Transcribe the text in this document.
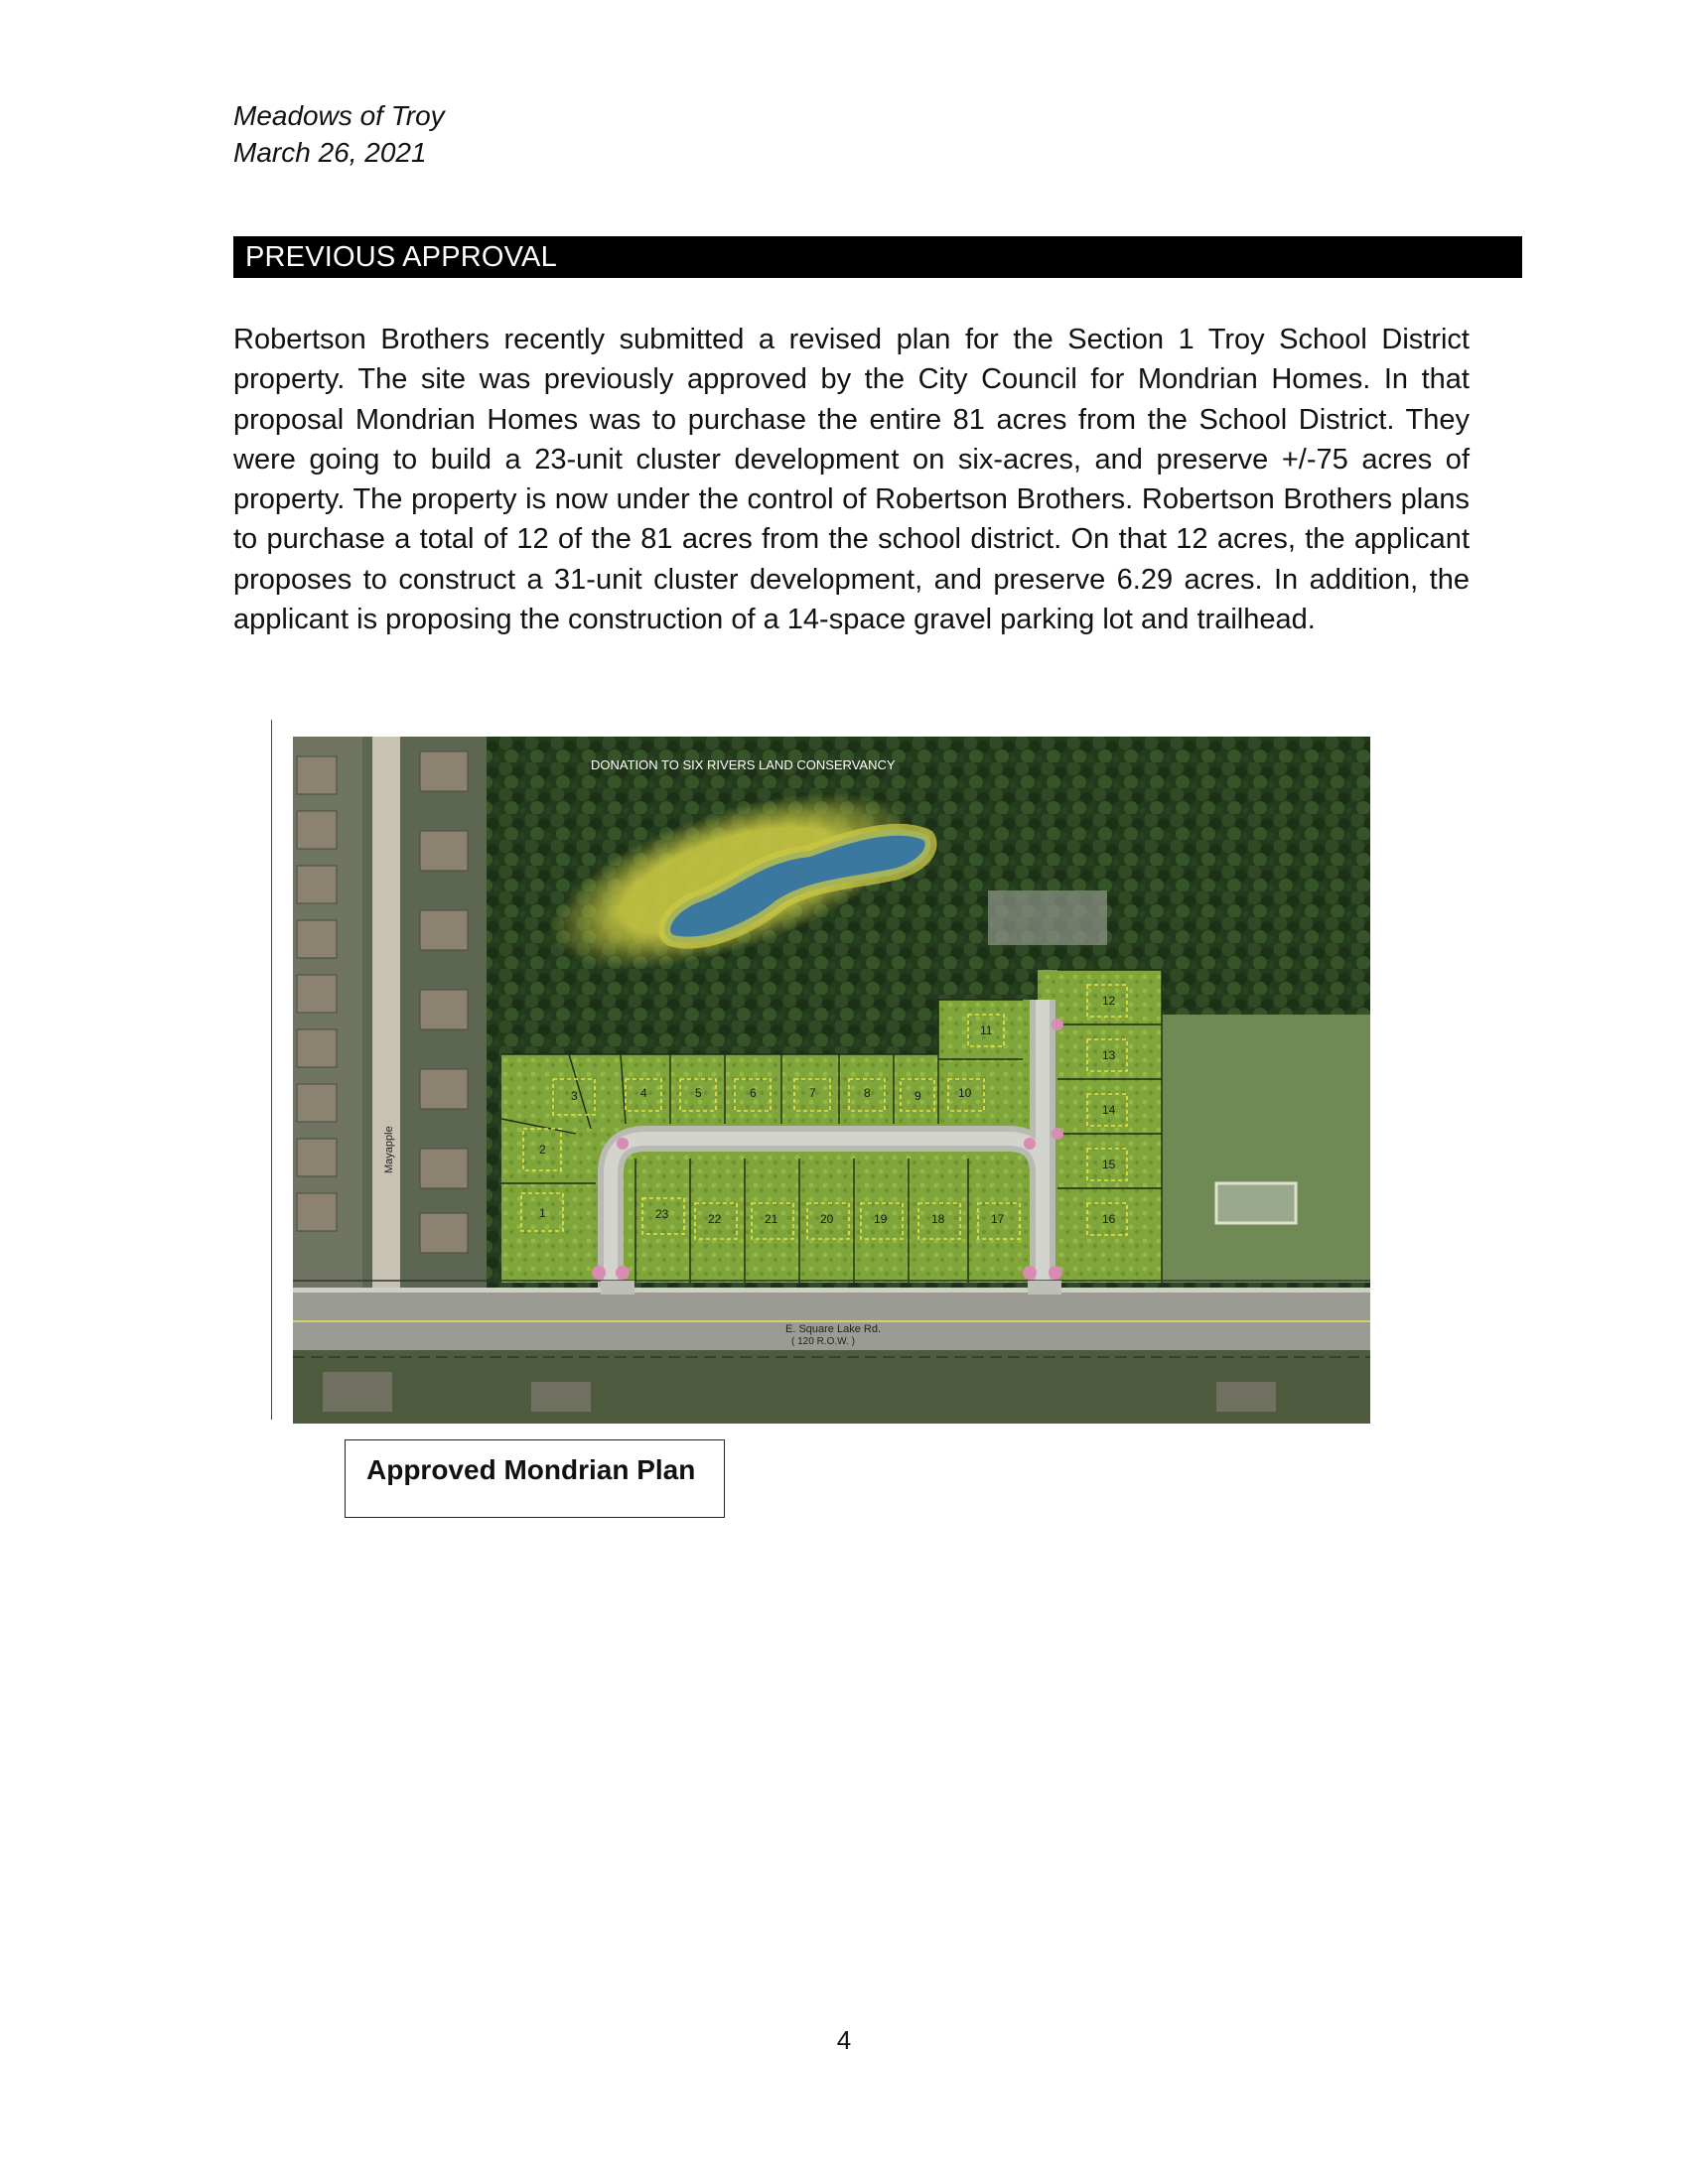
Meadows of Troy
March 26, 2021
PREVIOUS APPROVAL
Robertson Brothers recently submitted a revised plan for the Section 1 Troy School District property. The site was previously approved by the City Council for Mondrian Homes. In that proposal Mondrian Homes was to purchase the entire 81 acres from the School District. They were going to build a 23-unit cluster development on six-acres, and preserve +/-75 acres of property. The property is now under the control of Robertson Brothers. Robertson Brothers plans to purchase a total of 12 of the 81 acres from the school district. On that 12 acres, the applicant proposes to construct a 31-unit cluster development, and preserve 6.29 acres. In addition, the applicant is proposing the construction of a 14-space gravel parking lot and trailhead.
Mayapple
DONATION TO SIX RIVERS LAND CONSERVANCY
1
2
3	4	5	6	7	8	9	10
11
12
13
14
15
16
17
18
19
20
21
22
23
E. Square Lake Rd.
( 120 R.O.W. )
Approved Mondrian Plan
4
